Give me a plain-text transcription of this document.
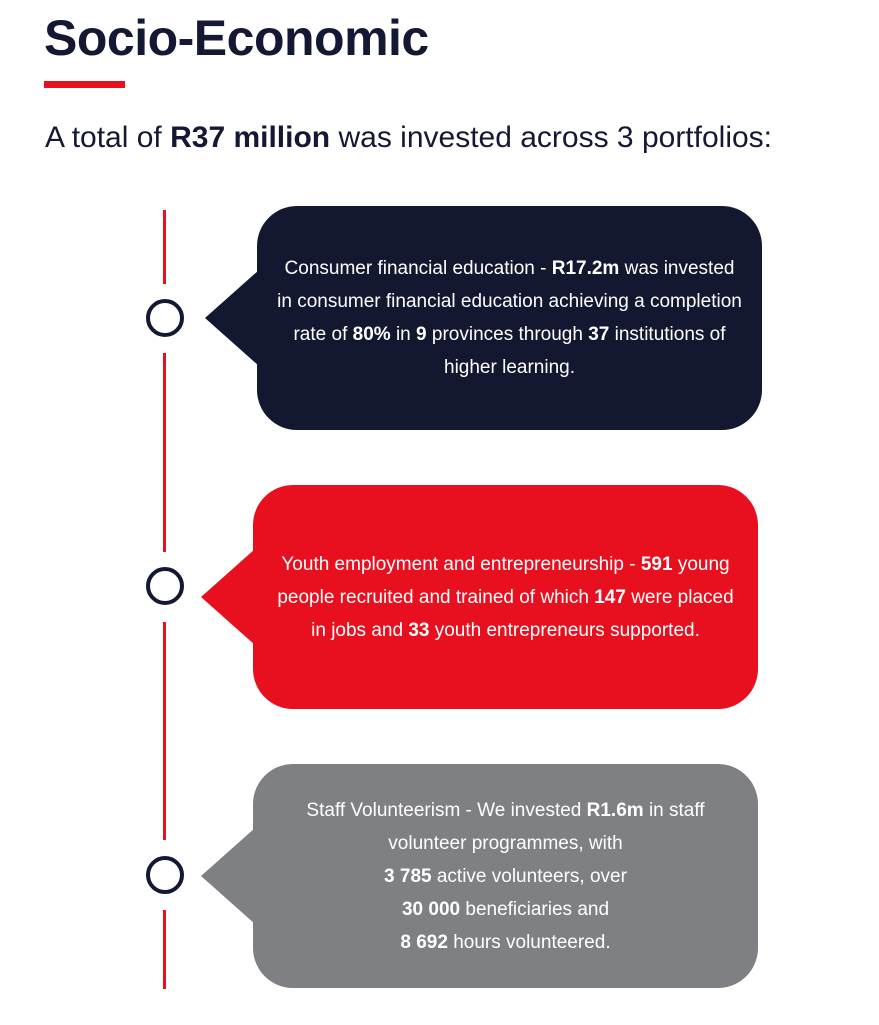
Socio-Economic
A total of R37 million was invested across 3 portfolios:

Consumer financial education - R17.2m was invested in consumer financial education achieving a completion rate of 80% in 9 provinces through 37 institutions of higher learning.

Youth employment and entrepreneurship - 591 young people recruited and trained of which 147 were placed in jobs and 33 youth entrepreneurs supported.

Staff Volunteerism - We invested R1.6m in staff volunteer programmes, with
3 785 active volunteers, over
30 000 beneficiaries and
8 692 hours volunteered.
